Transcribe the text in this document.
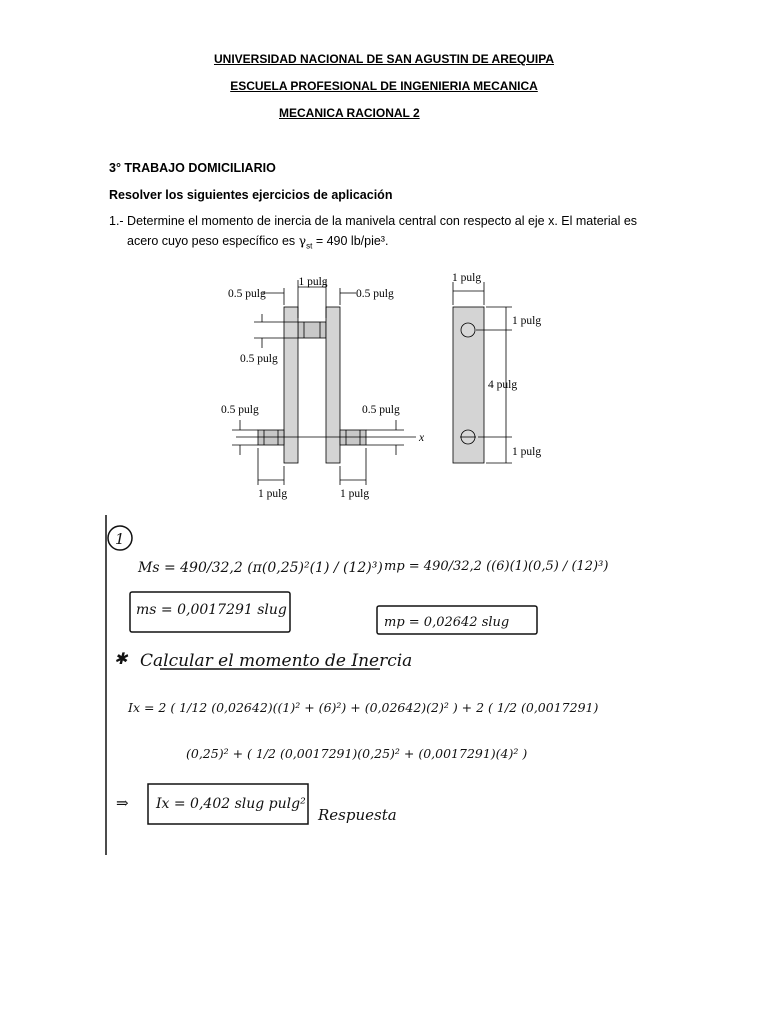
UNIVERSIDAD NACIONAL DE SAN AGUSTIN DE AREQUIPA
ESCUELA PROFESIONAL DE INGENIERIA MECANICA
MECANICA RACIONAL 2
3° TRABAJO DOMICILIARIO
Resolver los siguientes ejercicios de aplicación
1.- Determine el momento de inercia de la manivela central con respecto al eje x. El material es
acero cuyo peso específico es $\gamma_{st} = 490$ lb/pie³.
1 pulg
0.5 pulg	0.5 pulg
0.5 pulg
0.5 pulg	0.5 pulg
x
1 pulg	1 pulg
1 pulg
1 pulg
4 pulg
1 pulg
1
Ms = 490/32,2 (π(0,25)²(1) / (12)³) mp = 490/32,2 ((6)(1)(0,5) / (12)³)
ms = 0,0017291 slug
mp = 0,02642 slug
✱ Calcular el momento de Inercia
Ix = 2 ( 1/12 (0,02642)((1)² + (6)²) + (0,02642)(2)² ) + 2 ( 1/2 (0,0017291)
(0,25)² + ( 1/2 (0,0017291)(0,25)² + (0,0017291)(4)² )
⇒ Ix = 0,402 slug pulg²
Respuesta
